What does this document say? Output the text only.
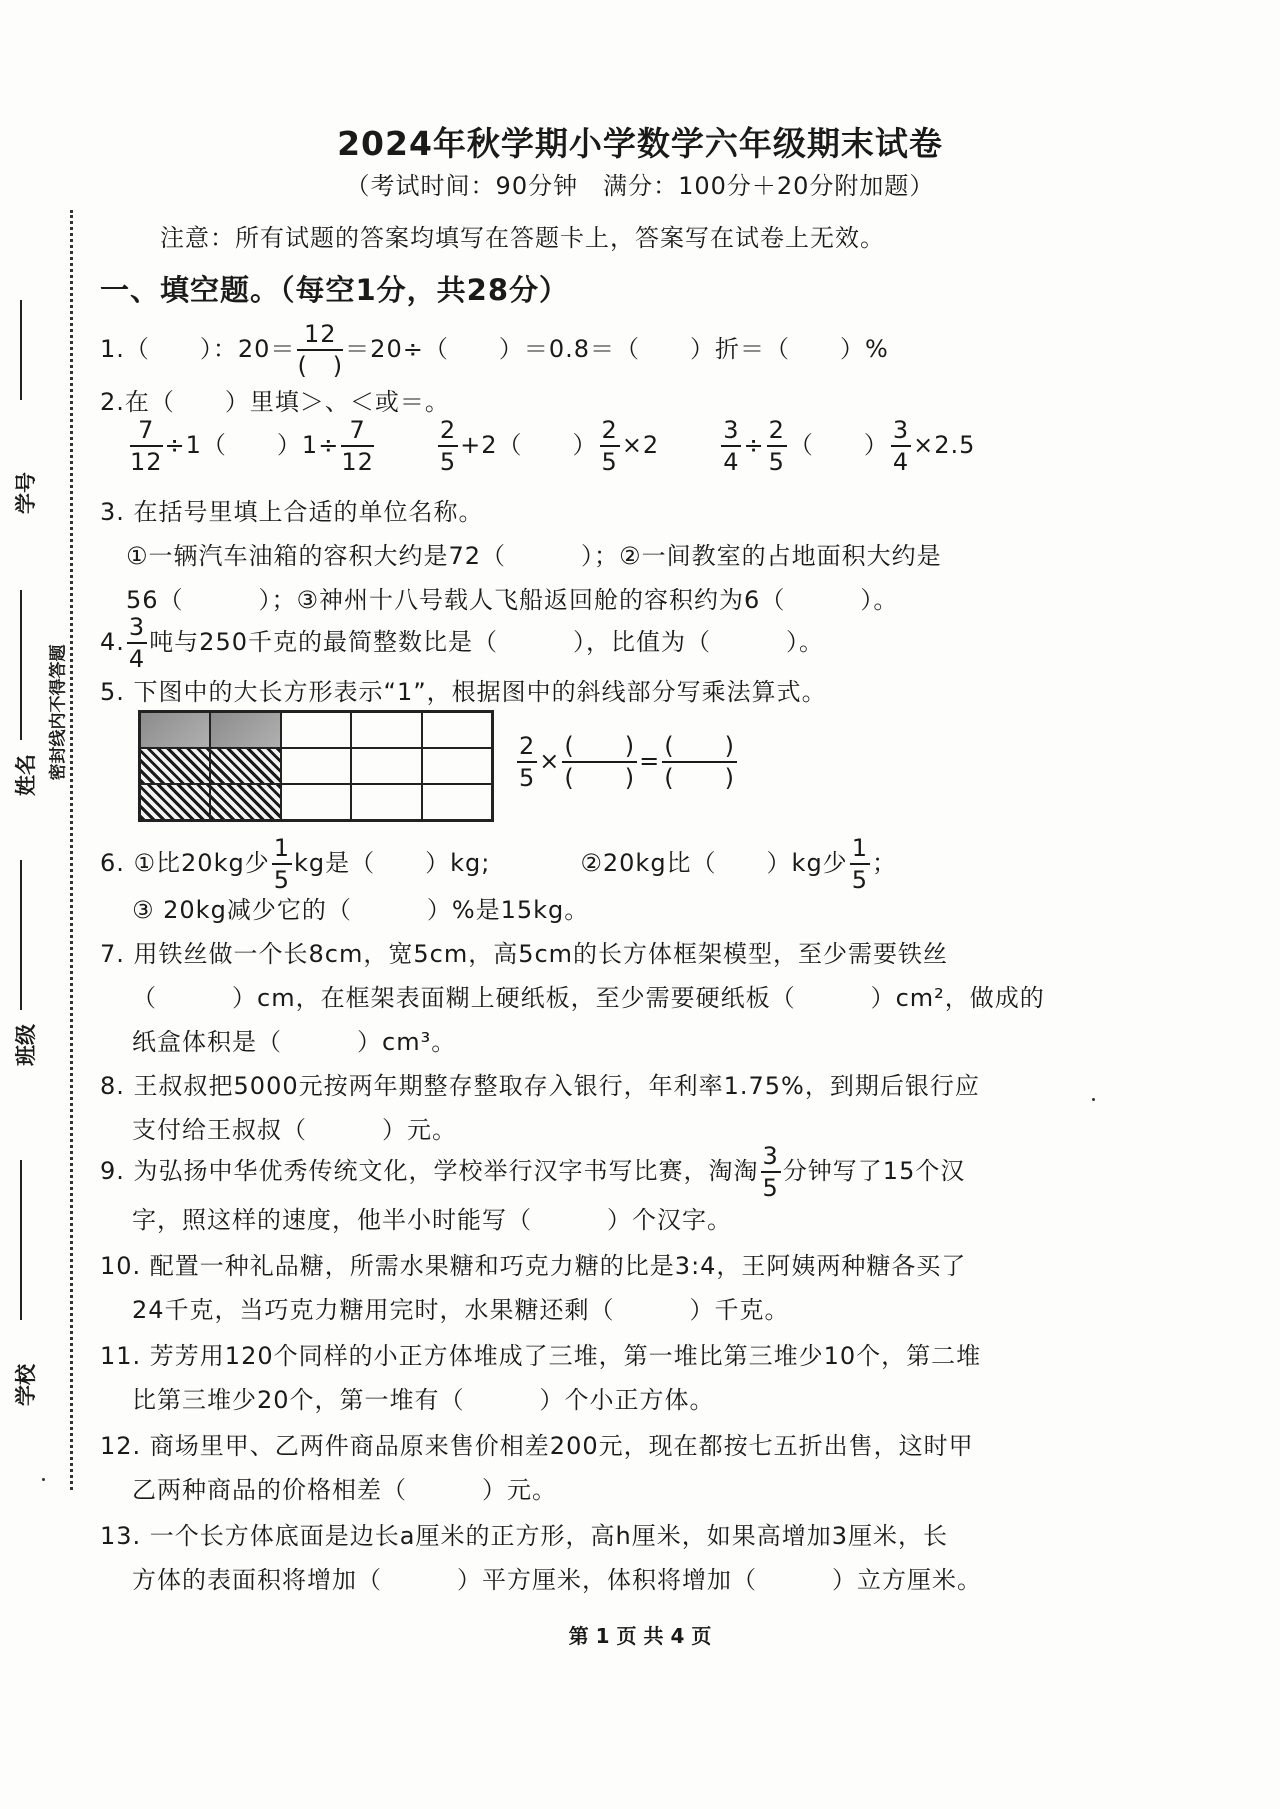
密封线内不得答题
学号
姓名
班级
学校
2024年秋学期小学数学六年级期末试卷
（考试时间：90分钟　满分：100分＋20分附加题）
注意：所有试题的答案均填写在答题卡上，答案写在试卷上无效。
一、填空题。（每空1分，共28分）
1.（　　）：$20= \frac{12}{( )} =20\div$（　　）＝0.8＝（　　）折＝（　　）%
2.在（　　）里填＞、＜或＝。
$\frac{7}{12} \div 1$（　　）$1\div \frac{7}{12}$	$\frac{2}{5} +2$（　　） $\frac{2}{5} \times 2$	$\frac{3}{4} \div \frac{2}{5}$ （　　） $\frac{3}{4} \times 2.5$
3. 在括号里填上合适的单位名称。
①一辆汽车油箱的容积大约是72（　　　）；②一间教室的占地面积大约是
56（　　　）；③神州十八号载人飞船返回舱的容积约为6（　　　）。
4. $\frac{3}{4}$ 吨与250千克的最简整数比是（　　　），比值为（　　　）。
5. 下图中的大长方形表示“1”，根据图中的斜线部分写乘法算式。
$\frac{2}{5} \times \frac{( )}{( )} = \frac{( )}{( )}$
6. ①比20kg少 $\frac{1}{5}$ kg是（　　）kg;	②20kg比（　　）kg少 $\frac{1}{5}$ ；
③ 20kg减少它的（　　　）%是15kg。
7. 用铁丝做一个长8cm，宽5cm，高5cm的长方体框架模型，至少需要铁丝
（　　　）cm，在框架表面糊上硬纸板，至少需要硬纸板（　　　）cm²，做成的
纸盒体积是（　　　）cm³。
8. 王叔叔把5000元按两年期整存整取存入银行，年利率1.75%，到期后银行应
支付给王叔叔（　　　）元。
9. 为弘扬中华优秀传统文化，学校举行汉字书写比赛，淘淘 $\frac{3}{5}$ 分钟写了15个汉
字，照这样的速度，他半小时能写（　　　）个汉字。
10. 配置一种礼品糖，所需水果糖和巧克力糖的比是3:4，王阿姨两种糖各买了
24千克，当巧克力糖用完时，水果糖还剩（　　　）千克。
11. 芳芳用120个同样的小正方体堆成了三堆，第一堆比第三堆少10个，第二堆
比第三堆少20个，第一堆有（　　　）个小正方体。
12. 商场里甲、乙两件商品原来售价相差200元，现在都按七五折出售，这时甲
乙两种商品的价格相差（　　　）元。
13. 一个长方体底面是边长a厘米的正方形，高h厘米，如果高增加3厘米，长
方体的表面积将增加（　　　）平方厘米，体积将增加（　　　）立方厘米。
第 1 页 共 4 页
